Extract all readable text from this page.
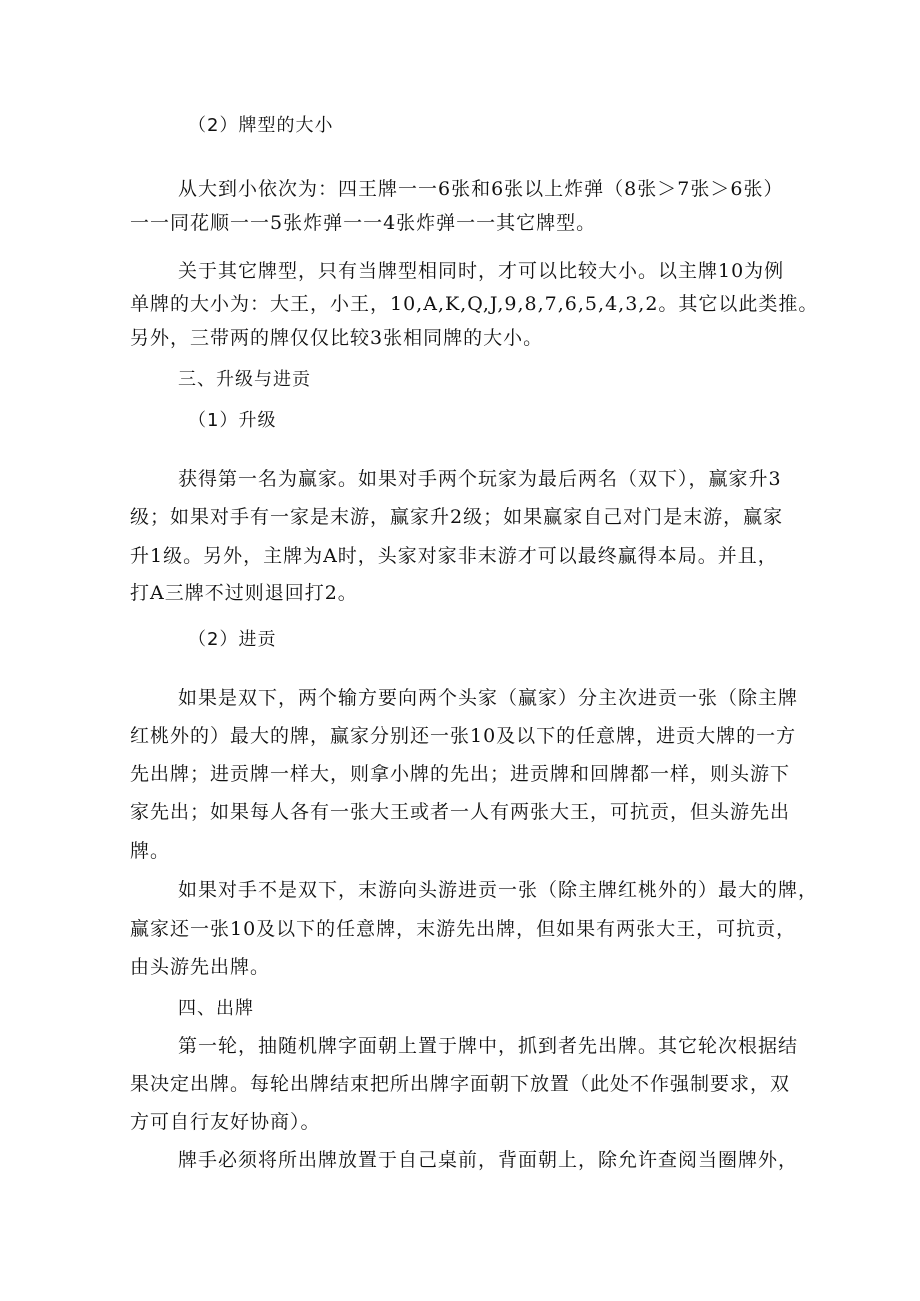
（2）牌型的大小
从大到小依次为：四王牌一一6张和6张以上炸弹（8张＞7张＞6张）
一一同花顺一一5张炸弹一一4张炸弹一一其它牌型。
关于其它牌型，只有当牌型相同时，才可以比较大小。以主牌10为例
单牌的大小为：大王，小王，10,A,K,Q,J,9,8,7,6,5,4,3,2。其它以此类推。
另外，三带两的牌仅仅比较3张相同牌的大小。
三、升级与进贡
（1）升级
获得第一名为赢家。如果对手两个玩家为最后两名（双下），赢家升3
级；如果对手有一家是末游，赢家升2级；如果赢家自己对门是末游，赢家
升1级。另外，主牌为A时，头家对家非末游才可以最终赢得本局。并且，
打A三牌不过则退回打2。
（2）进贡
如果是双下，两个输方要向两个头家（赢家）分主次进贡一张（除主牌
红桃外的）最大的牌，赢家分别还一张10及以下的任意牌，进贡大牌的一方
先出牌；进贡牌一样大，则拿小牌的先出；进贡牌和回牌都一样，则头游下
家先出；如果每人各有一张大王或者一人有两张大王，可抗贡，但头游先出
牌。
如果对手不是双下，末游向头游进贡一张（除主牌红桃外的）最大的牌，
赢家还一张10及以下的任意牌，末游先出牌，但如果有两张大王，可抗贡，
由头游先出牌。
四、出牌
第一轮，抽随机牌字面朝上置于牌中，抓到者先出牌。其它轮次根据结
果决定出牌。每轮出牌结束把所出牌字面朝下放置（此处不作强制要求，双
方可自行友好协商）。
牌手必须将所出牌放置于自己桌前，背面朝上，除允许查阅当圈牌外，
